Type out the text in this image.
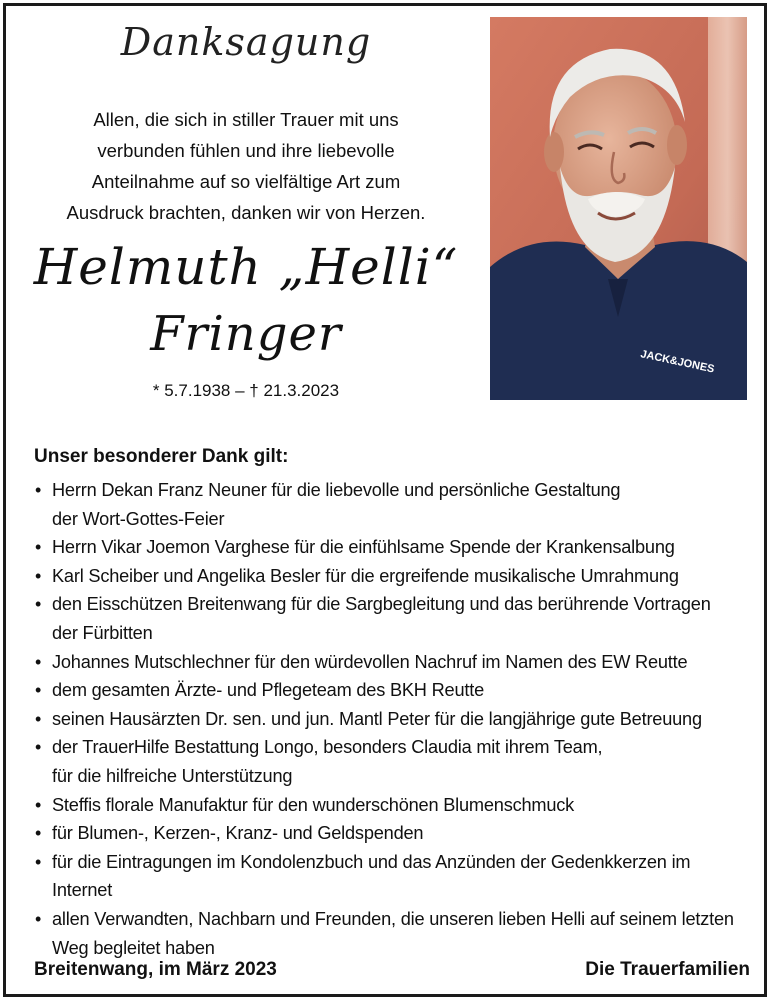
Danksagung
Allen, die sich in stiller Trauer mit uns
verbunden fühlen und ihre liebevolle
Anteilnahme auf so vielfältige Art zum
Ausdruck brachten, danken wir von Herzen.
Helmuth „Helli“
Fringer
* 5.7.1938 – † 21.3.2023
JACK&JONES
Unser besonderer Dank gilt:
• Herrn Dekan Franz Neuner für die liebevolle und persönliche Gestaltung
der Wort-Gottes-Feier
• Herrn Vikar Joemon Varghese für die einfühlsame Spende der Krankensalbung
• Karl Scheiber und Angelika Besler für die ergreifende musikalische Umrahmung
• den Eisschützen Breitenwang für die Sargbegleitung und das berührende Vortragen
der Fürbitten
• Johannes Mutschlechner für den würdevollen Nachruf im Namen des EW Reutte
• dem gesamten Ärzte- und Pflegeteam des BKH Reutte
• seinen Hausärzten Dr. sen. und jun. Mantl Peter für die langjährige gute Betreuung
• der TrauerHilfe Bestattung Longo, besonders Claudia mit ihrem Team,
für die hilfreiche Unterstützung
• Steffis florale Manufaktur für den wunderschönen Blumenschmuck
• für Blumen-, Kerzen-, Kranz- und Geldspenden
• für die Eintragungen im Kondolenzbuch und das Anzünden der Gedenkkerzen im Internet
• allen Verwandten, Nachbarn und Freunden, die unseren lieben Helli auf seinem letzten
Weg begleitet haben
Breitenwang, im März 2023	Die Trauerfamilien
